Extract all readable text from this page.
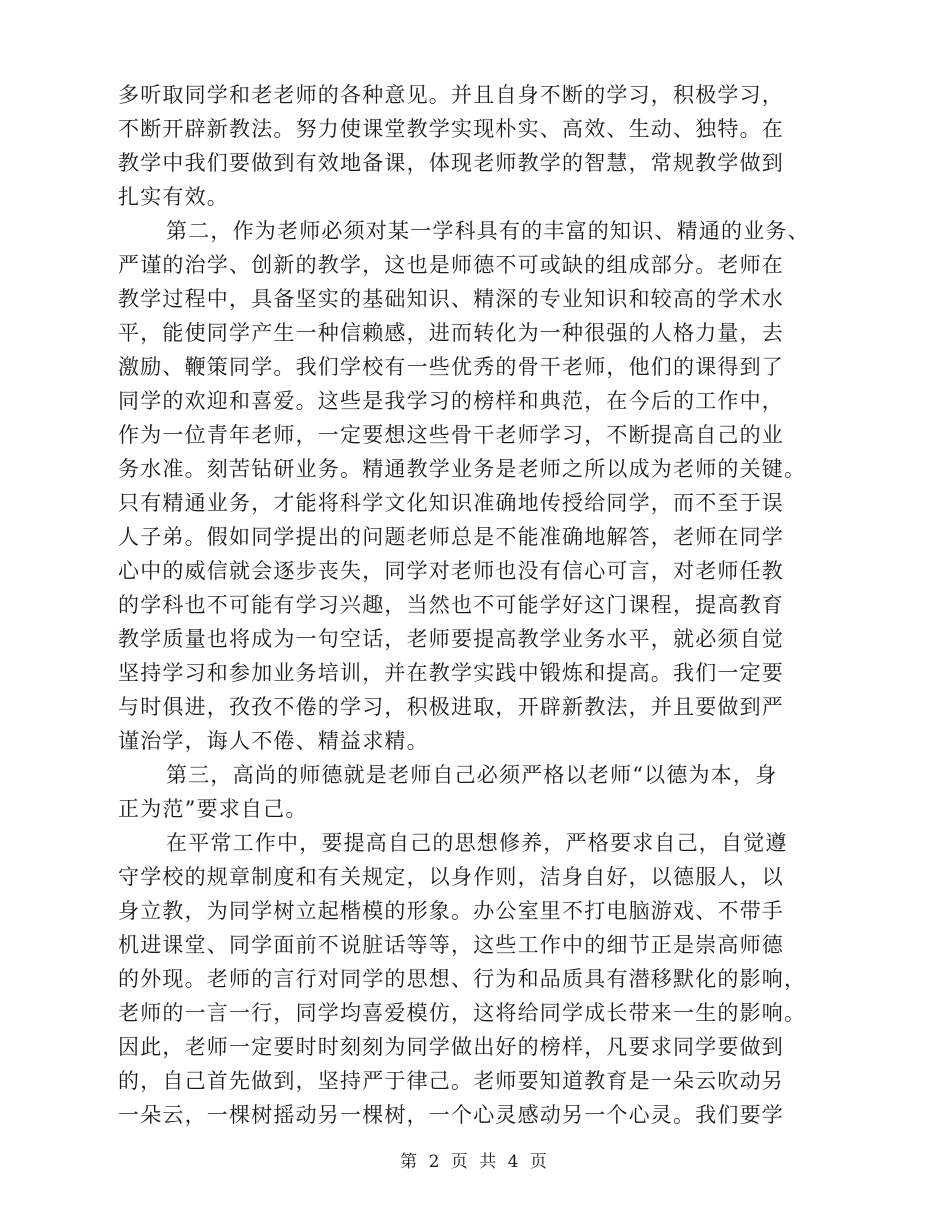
多听取同学和老老师的各种意见。并且自身不断的学习，积极学习，
不断开辟新教法。努力使课堂教学实现朴实、高效、生动、独特。在
教学中我们要做到有效地备课，体现老师教学的智慧，常规教学做到
扎实有效。
第二，作为老师必须对某一学科具有的丰富的知识、精通的业务、
严谨的治学、创新的教学，这也是师德不可或缺的组成部分。老师在
教学过程中，具备坚实的基础知识、精深的专业知识和较高的学术水
平，能使同学产生一种信赖感，进而转化为一种很强的人格力量，去
激励、鞭策同学。我们学校有一些优秀的骨干老师，他们的课得到了
同学的欢迎和喜爱。这些是我学习的榜样和典范，在今后的工作中，
作为一位青年老师，一定要想这些骨干老师学习，不断提高自己的业
务水准。刻苦钻研业务。精通教学业务是老师之所以成为老师的关键。
只有精通业务，才能将科学文化知识准确地传授给同学，而不至于误
人子弟。假如同学提出的问题老师总是不能准确地解答，老师在同学
心中的威信就会逐步丧失，同学对老师也没有信心可言，对老师任教
的学科也不可能有学习兴趣，当然也不可能学好这门课程，提高教育
教学质量也将成为一句空话，老师要提高教学业务水平，就必须自觉
坚持学习和参加业务培训，并在教学实践中锻炼和提高。我们一定要
与时俱进，孜孜不倦的学习，积极进取，开辟新教法，并且要做到严
谨治学，诲人不倦、精益求精。
第三，高尚的师德就是老师自己必须严格以老师“以德为本，身
正为范”要求自己。
在平常工作中，要提高自己的思想修养，严格要求自己，自觉遵
守学校的规章制度和有关规定，以身作则，洁身自好，以德服人，以
身立教，为同学树立起楷模的形象。办公室里不打电脑游戏、不带手
机进课堂、同学面前不说脏话等等，这些工作中的细节正是崇高师德
的外现。老师的言行对同学的思想、行为和品质具有潜移默化的影响，
老师的一言一行，同学均喜爱模仿，这将给同学成长带来一生的影响。
因此，老师一定要时时刻刻为同学做出好的榜样，凡要求同学要做到
的，自己首先做到，坚持严于律己。老师要知道教育是一朵云吹动另
一朵云，一棵树摇动另一棵树，一个心灵感动另一个心灵。我们要学
第 2 页 共 4 页
